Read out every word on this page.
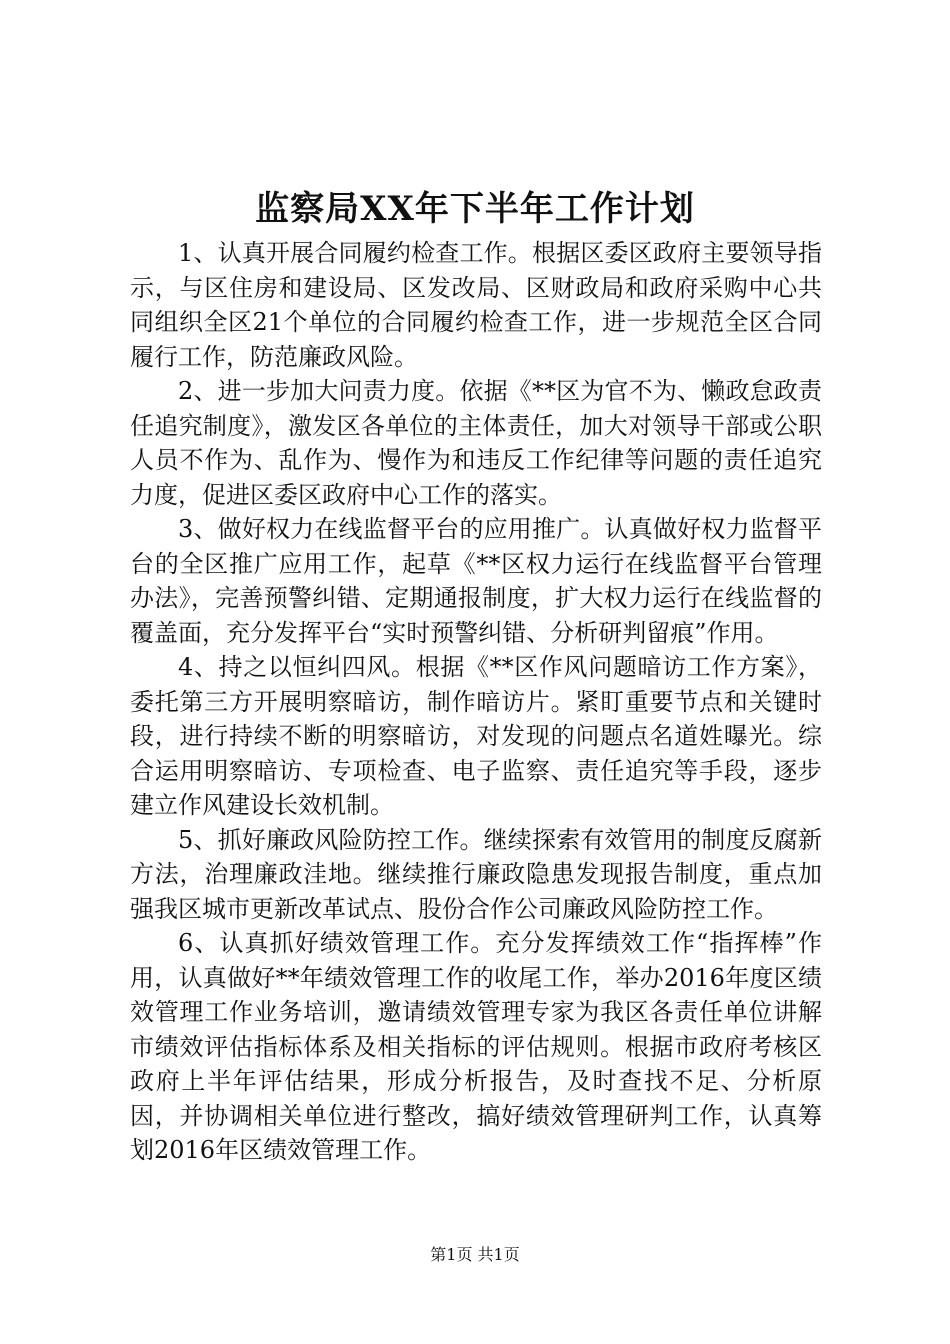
监察局XX年下半年工作计划

1、认真开展合同履约检查工作。根据区委区政府主要领导指示，与区住房和建设局、区发改局、区财政局和政府采购中心共同组织全区21个单位的合同履约检查工作，进一步规范全区合同履行工作，防范廉政风险。

2、进一步加大问责力度。依据《**区为官不为、懒政怠政责任追究制度》，激发区各单位的主体责任，加大对领导干部或公职人员不作为、乱作为、慢作为和违反工作纪律等问题的责任追究力度，促进区委区政府中心工作的落实。

3、做好权力在线监督平台的应用推广。认真做好权力监督平台的全区推广应用工作，起草《**区权力运行在线监督平台管理办法》，完善预警纠错、定期通报制度，扩大权力运行在线监督的覆盖面，充分发挥平台“实时预警纠错、分析研判留痕”作用。

4、持之以恒纠四风。根据《**区作风问题暗访工作方案》，委托第三方开展明察暗访，制作暗访片。紧盯重要节点和关键时段，进行持续不断的明察暗访，对发现的问题点名道姓曝光。综合运用明察暗访、专项检查、电子监察、责任追究等手段，逐步建立作风建设长效机制。

5、抓好廉政风险防控工作。继续探索有效管用的制度反腐新方法，治理廉政洼地。继续推行廉政隐患发现报告制度，重点加强我区城市更新改革试点、股份合作公司廉政风险防控工作。

6、认真抓好绩效管理工作。充分发挥绩效工作“指挥棒”作用，认真做好**年绩效管理工作的收尾工作，举办2016年度区绩效管理工作业务培训，邀请绩效管理专家为我区各责任单位讲解市绩效评估指标体系及相关指标的评估规则。根据市政府考核区政府上半年评估结果，形成分析报告，及时查找不足、分析原因，并协调相关单位进行整改，搞好绩效管理研判工作，认真筹划2016年区绩效管理工作。

第1页 共1页
